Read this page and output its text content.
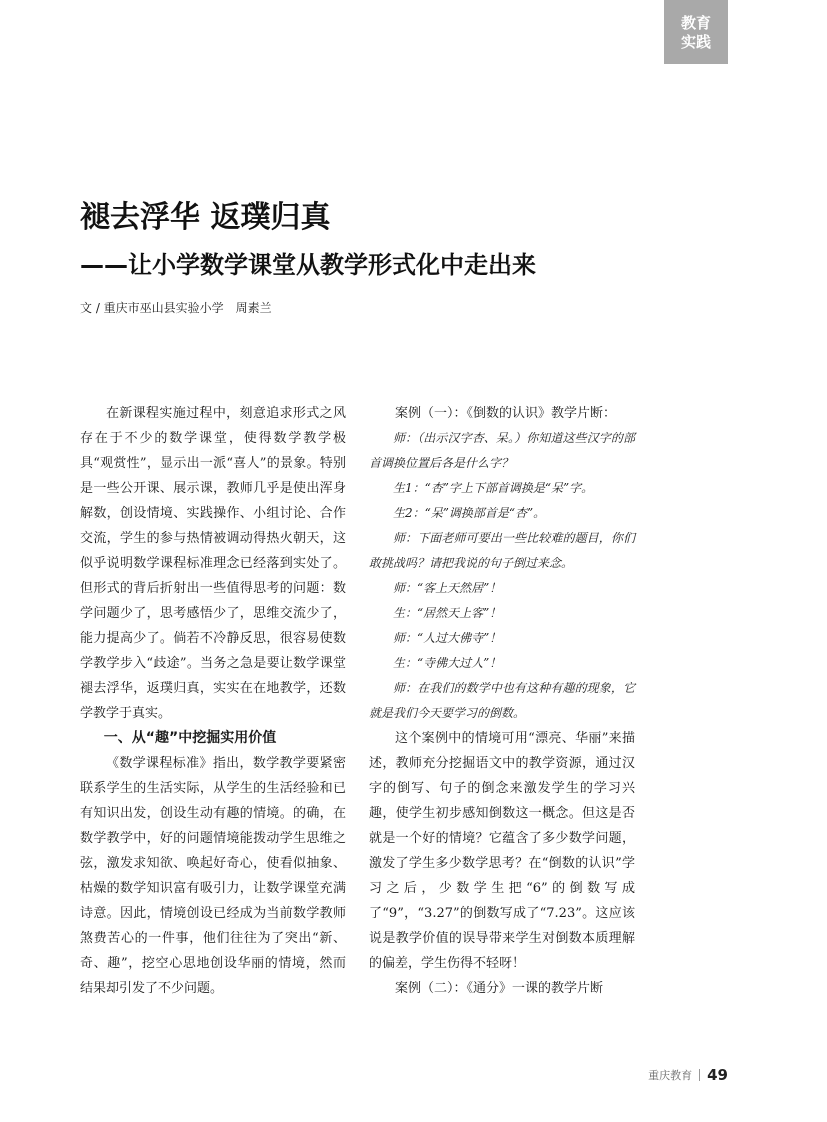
教育
实践
褪去浮华 返璞归真
——让小学数学课堂从教学形式化中走出来
文 / 重庆市巫山县实验小学　周素兰

在新课程实施过程中，刻意追求形式之风存在于不少的数学课堂，使得数学教学极具“观赏性”，显示出一派“喜人”的景象。特别是一些公开课、展示课，教师几乎是使出浑身解数，创设情境、实践操作、小组讨论、合作交流，学生的参与热情被调动得热火朝天，这似乎说明数学课程标准理念已经落到实处了。但形式的背后折射出一些值得思考的问题：数学问题少了，思考感悟少了，思维交流少了，能力提高少了。倘若不冷静反思，很容易使数学教学步入“歧途”。当务之急是要让数学课堂褪去浮华，返璞归真，实实在在地教学，还数学教学于真实。

一、从“趣”中挖掘实用价值

《数学课程标准》指出，数学教学要紧密联系学生的生活实际，从学生的生活经验和已有知识出发，创设生动有趣的情境。的确，在数学教学中，好的问题情境能拨动学生思维之弦，激发求知欲、唤起好奇心，使看似抽象、枯燥的数学知识富有吸引力，让数学课堂充满诗意。因此，情境创设已经成为当前数学教师煞费苦心的一件事，他们往往为了突出“新、奇、趣”，挖空心思地创设华丽的情境，然而结果却引发了不少问题。

案例（一）：《倒数的认识》教学片断：

师：（出示汉字杏、呆。）你知道这些汉字的部首调换位置后各是什么字？

生1：“杏”字上下部首调换是“呆”字。

生2：“呆”调换部首是“杏”。

师：下面老师可要出一些比较难的题目，你们敢挑战吗？请把我说的句子倒过来念。

师：“客上天然居”！

生：“居然天上客”！

师：“人过大佛寺”！

生：“寺佛大过人”！

师：在我们的数学中也有这种有趣的现象，它就是我们今天要学习的倒数。

这个案例中的情境可用“漂亮、华丽”来描述，教师充分挖掘语文中的教学资源，通过汉字的倒写、句子的倒念来激发学生的学习兴趣，使学生初步感知倒数这一概念。但这是否就是一个好的情境？它蕴含了多少数学问题，激发了学生多少数学思考？在“倒数的认识”学习之后，少数学生把“6”的倒数写成了“9”，“3.27”的倒数写成了“7.23”。这应该说是教学价值的误导带来学生对倒数本质理解的偏差，学生伤得不轻呀！

案例（二）：《通分》一课的教学片断

重庆教育 49
